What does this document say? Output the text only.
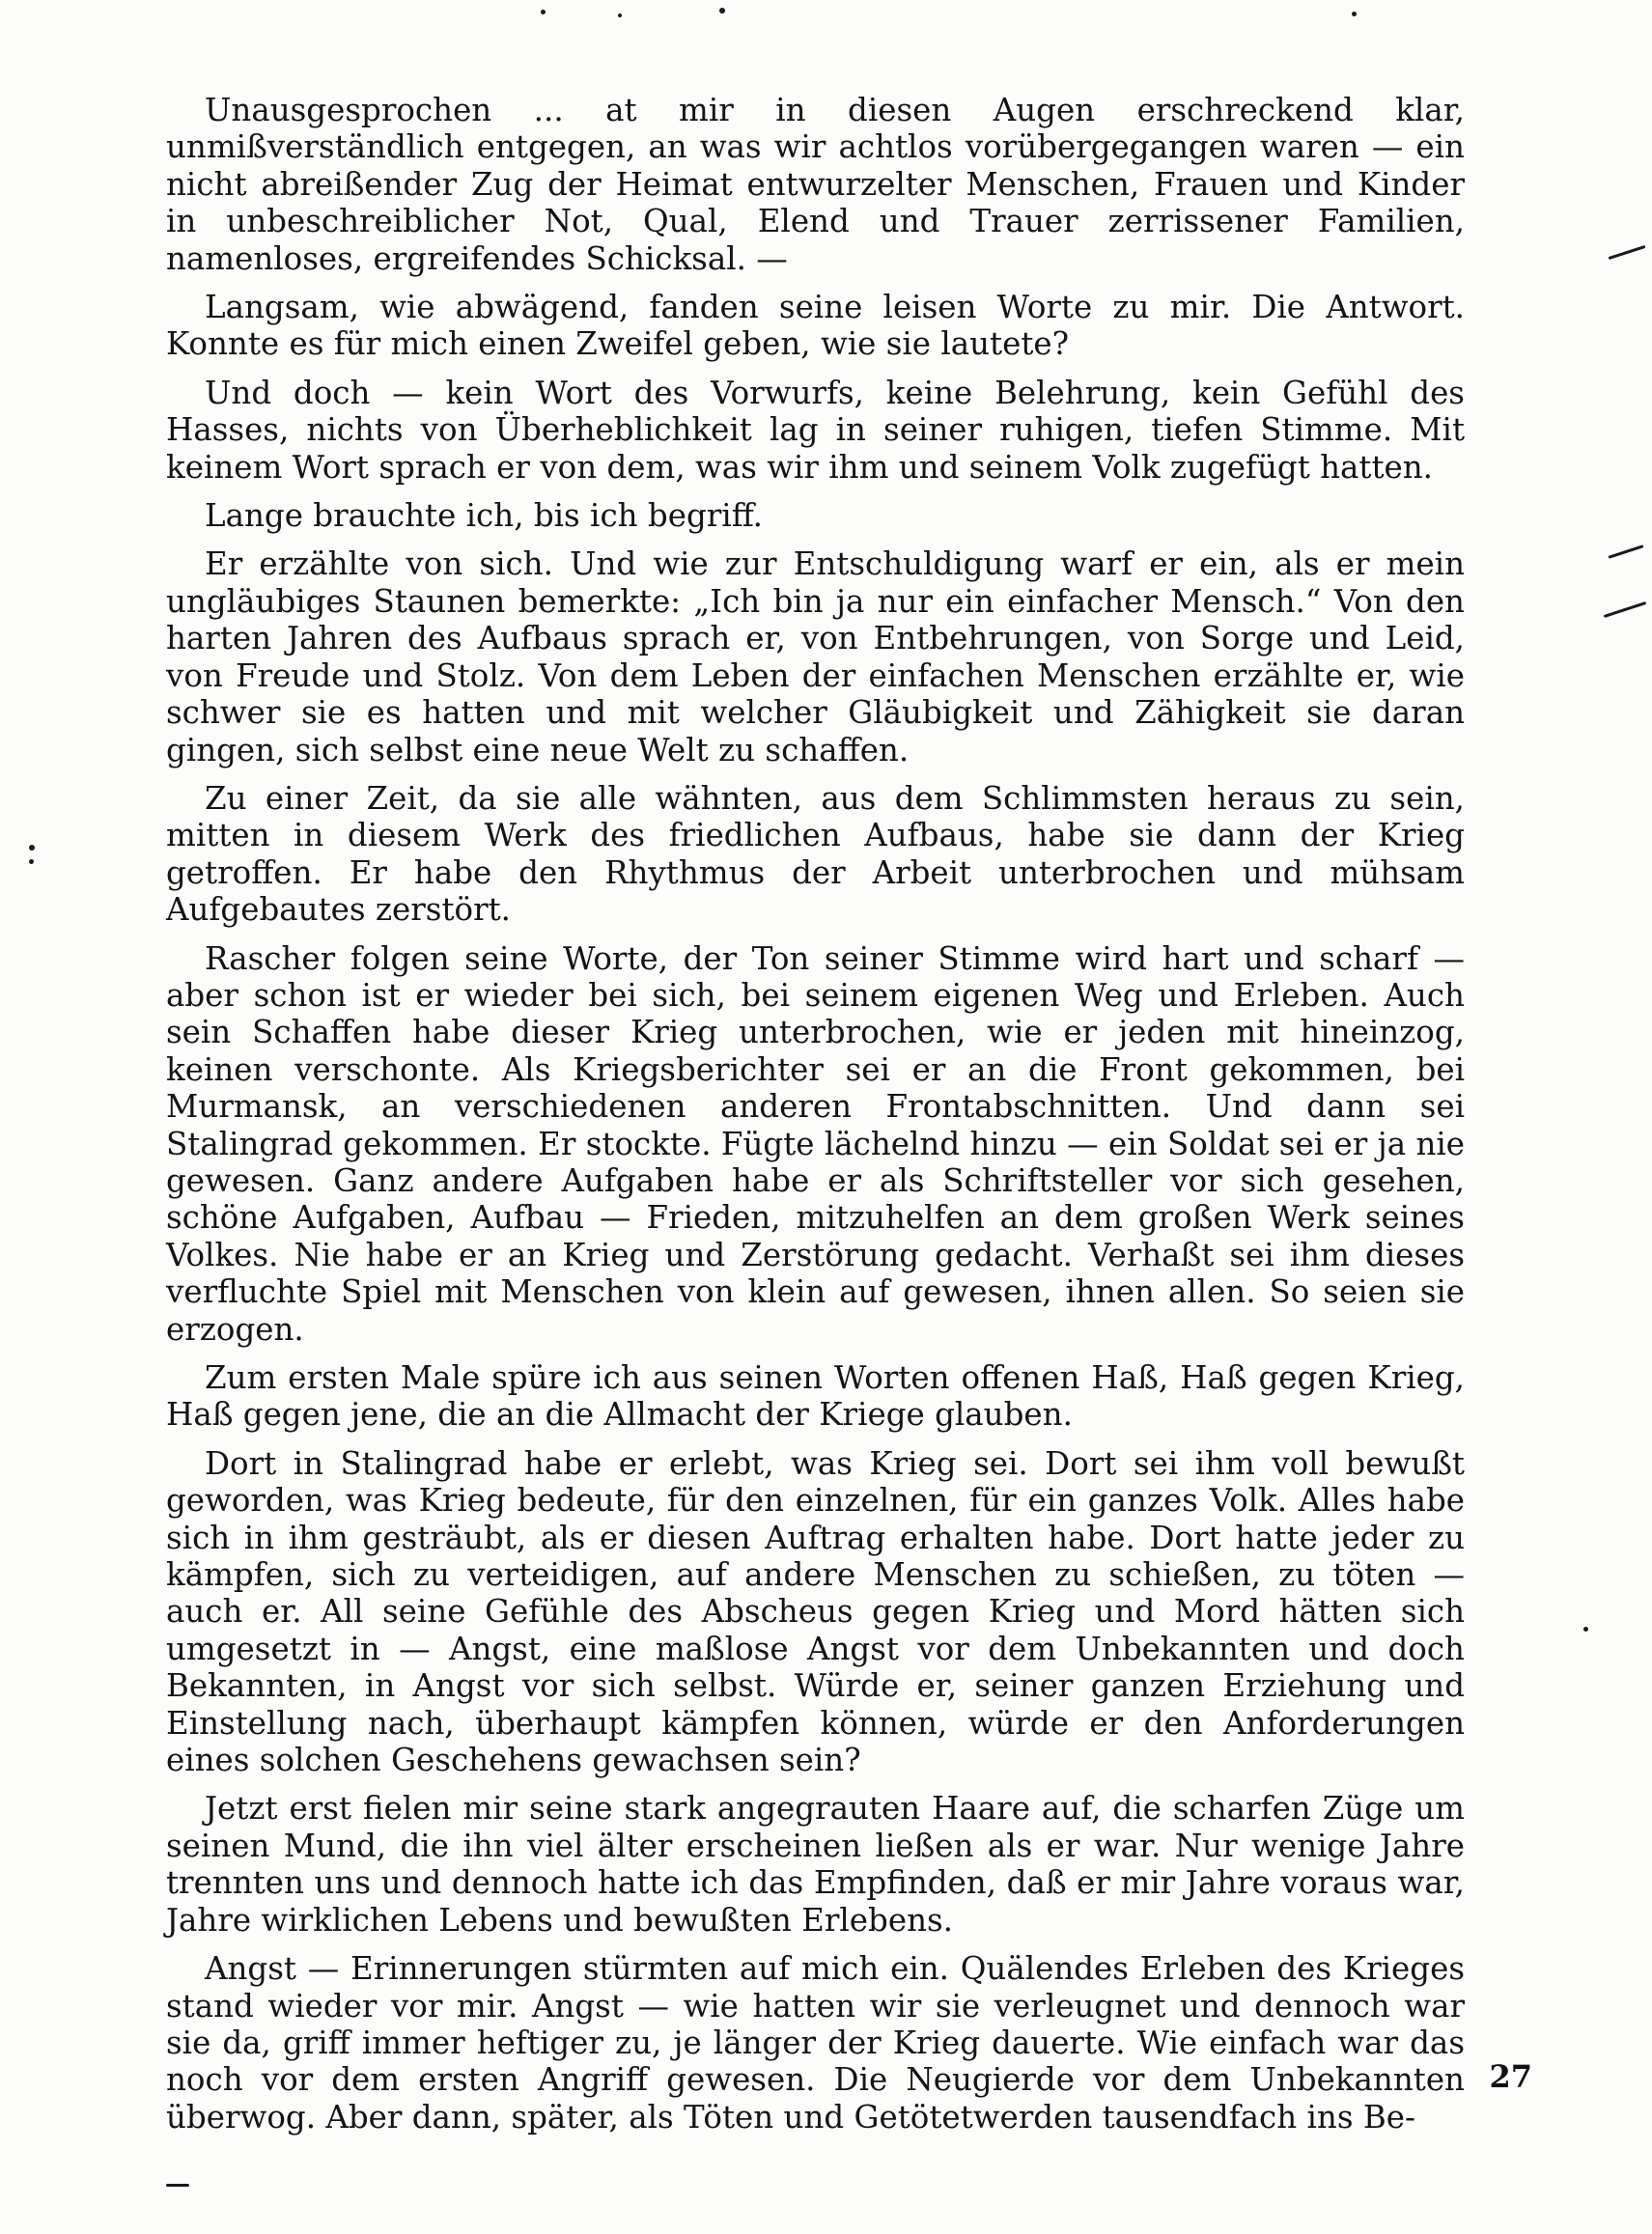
Unausgesprochen ... at mir in diesen Augen erschreckend klar, unmißverständlich entgegen, an was wir achtlos vorübergegangen waren — ein nicht abreißender Zug der Heimat entwurzelter Menschen, Frauen und Kinder in unbeschreiblicher Not, Qual, Elend und Trauer zerrissener Familien, namenloses, ergreifendes Schicksal. —

Langsam, wie abwägend, fanden seine leisen Worte zu mir. Die Antwort. Konnte es für mich einen Zweifel geben, wie sie lautete?

Und doch — kein Wort des Vorwurfs, keine Belehrung, kein Gefühl des Hasses, nichts von Überheblichkeit lag in seiner ruhigen, tiefen Stimme. Mit keinem Wort sprach er von dem, was wir ihm und seinem Volk zugefügt hatten.

Lange brauchte ich, bis ich begriff.

Er erzählte von sich. Und wie zur Entschuldigung warf er ein, als er mein ungläubiges Staunen bemerkte: „Ich bin ja nur ein einfacher Mensch.“ Von den harten Jahren des Aufbaus sprach er, von Entbehrungen, von Sorge und Leid, von Freude und Stolz. Von dem Leben der einfachen Menschen erzählte er, wie schwer sie es hatten und mit welcher Gläubigkeit und Zähigkeit sie daran gingen, sich selbst eine neue Welt zu schaffen.

Zu einer Zeit, da sie alle wähnten, aus dem Schlimmsten heraus zu sein, mitten in diesem Werk des friedlichen Aufbaus, habe sie dann der Krieg getroffen. Er habe den Rhythmus der Arbeit unterbrochen und mühsam Aufgebautes zerstört.

Rascher folgen seine Worte, der Ton seiner Stimme wird hart und scharf — aber schon ist er wieder bei sich, bei seinem eigenen Weg und Erleben. Auch sein Schaffen habe dieser Krieg unterbrochen, wie er jeden mit hineinzog, keinen verschonte. Als Kriegsberichter sei er an die Front gekommen, bei Murmansk, an verschiedenen anderen Frontabschnitten. Und dann sei Stalingrad gekommen. Er stockte. Fügte lächelnd hinzu — ein Soldat sei er ja nie gewesen. Ganz andere Aufgaben habe er als Schriftsteller vor sich gesehen, schöne Aufgaben, Aufbau — Frieden, mitzuhelfen an dem großen Werk seines Volkes. Nie habe er an Krieg und Zerstörung gedacht. Verhaßt sei ihm dieses verfluchte Spiel mit Menschen von klein auf gewesen, ihnen allen. So seien sie erzogen.

Zum ersten Male spüre ich aus seinen Worten offenen Haß, Haß gegen Krieg, Haß gegen jene, die an die Allmacht der Kriege glauben.

Dort in Stalingrad habe er erlebt, was Krieg sei. Dort sei ihm voll bewußt geworden, was Krieg bedeute, für den einzelnen, für ein ganzes Volk. Alles habe sich in ihm gesträubt, als er diesen Auftrag erhalten habe. Dort hatte jeder zu kämpfen, sich zu verteidigen, auf andere Menschen zu schießen, zu töten — auch er. All seine Gefühle des Abscheus gegen Krieg und Mord hätten sich umgesetzt in — Angst, eine maßlose Angst vor dem Unbekannten und doch Bekannten, in Angst vor sich selbst. Würde er, seiner ganzen Erziehung und Einstellung nach, überhaupt kämpfen können, würde er den Anforderungen eines solchen Geschehens gewachsen sein?

Jetzt erst fielen mir seine stark angegrauten Haare auf, die scharfen Züge um seinen Mund, die ihn viel älter erscheinen ließen als er war. Nur wenige Jahre trennten uns und dennoch hatte ich das Empfinden, daß er mir Jahre voraus war, Jahre wirklichen Lebens und bewußten Erlebens.

Angst — Erinnerungen stürmten auf mich ein. Quälendes Erleben des Krieges stand wieder vor mir. Angst — wie hatten wir sie verleugnet und dennoch war sie da, griff immer heftiger zu, je länger der Krieg dauerte. Wie einfach war das noch vor dem ersten Angriff gewesen. Die Neugierde vor dem Unbekannten überwog. Aber dann, später, als Töten und Getötetwerden tausendfach ins Be-

27
